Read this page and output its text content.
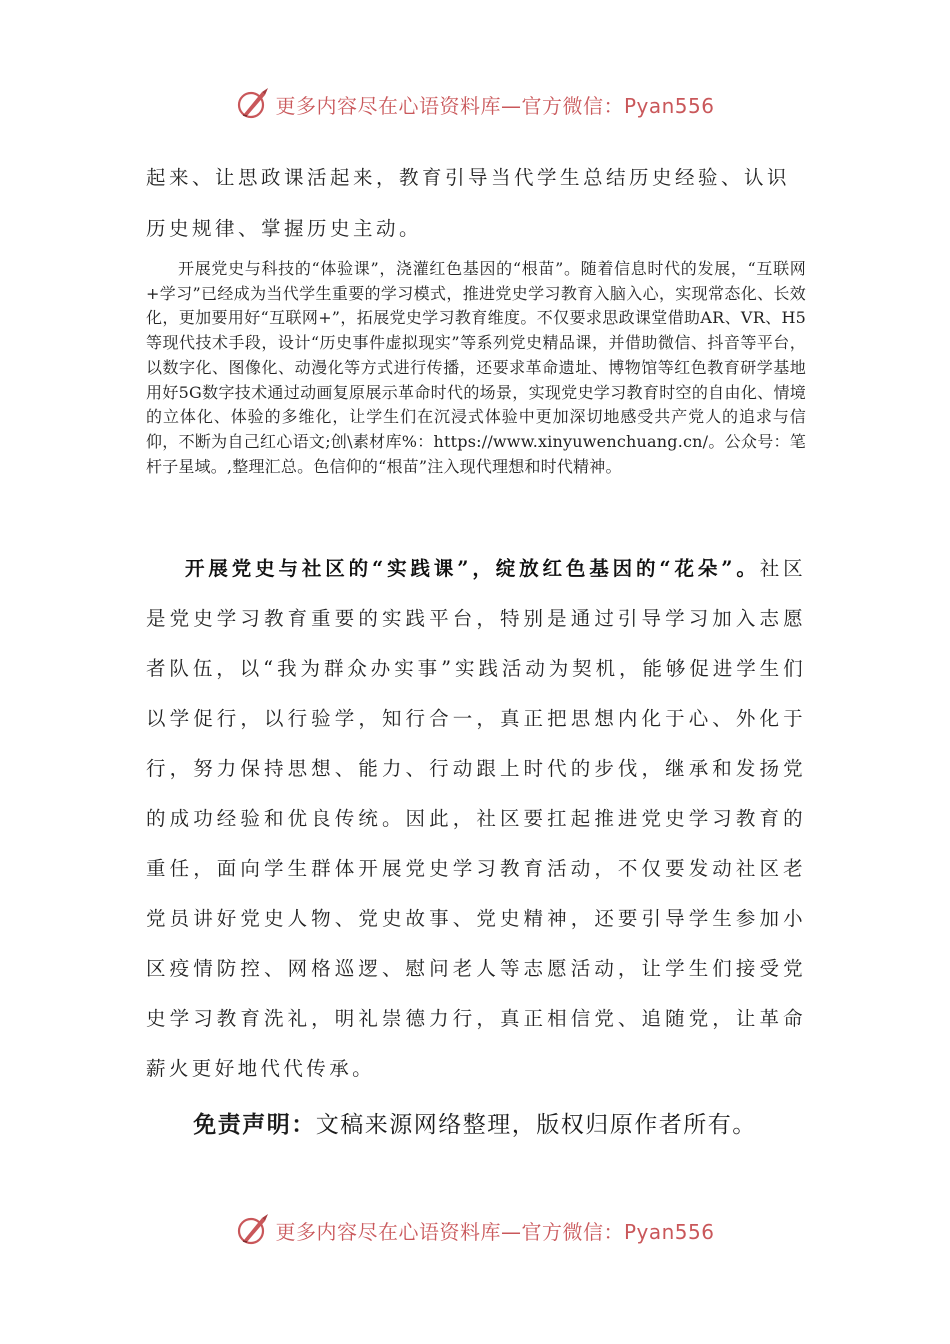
更多内容尽在心语资料库—官方微信：Pyan556

起来、让思政课活起来，教育引导当代学生总结历史经验、认识历史规律、掌握历史主动。

开展党史与科技的“体验课”，浇灌红色基因的“根苗”。随着信息时代的发展，“互联网+学习”已经成为当代学生重要的学习模式，推进党史学习教育入脑入心，实现常态化、长效化，更加要用好“互联网+”，拓展党史学习教育维度。不仅要求思政课堂借助AR、VR、H5等现代技术手段，设计“历史事件虚拟现实”等系列党史精品课，并借助微信、抖音等平台，以数字化、图像化、动漫化等方式进行传播，还要求革命遗址、博物馆等红色教育研学基地用好5G数字技术通过动画复原展示革命时代的场景，实现党史学习教育时空的自由化、情境的立体化、体验的多维化，让学生们在沉浸式体验中更加深切地感受共产党人的追求与信仰，不断为自己红心语文;创\素材库%：https://www.xinyuwenchuang.cn/。公众号：笔杆子星域。,整理汇总。色信仰的“根苗”注入现代理想和时代精神。

开展党史与社区的“实践课”，绽放红色基因的“花朵”。社区是党史学习教育重要的实践平台，特别是通过引导学习加入志愿者队伍，以“我为群众办实事”实践活动为契机，能够促进学生们以学促行，以行验学，知行合一，真正把思想内化于心、外化于行，努力保持思想、能力、行动跟上时代的步伐，继承和发扬党的成功经验和优良传统。因此，社区要扛起推进党史学习教育的重任，面向学生群体开展党史学习教育活动，不仅要发动社区老党员讲好党史人物、党史故事、党史精神，还要引导学生参加小区疫情防控、网格巡逻、慰问老人等志愿活动，让学生们接受党史学习教育洗礼，明礼崇德力行，真正相信党、追随党，让革命薪火更好地代代传承。

免责声明：文稿来源网络整理，版权归原作者所有。

更多内容尽在心语资料库—官方微信：Pyan556
